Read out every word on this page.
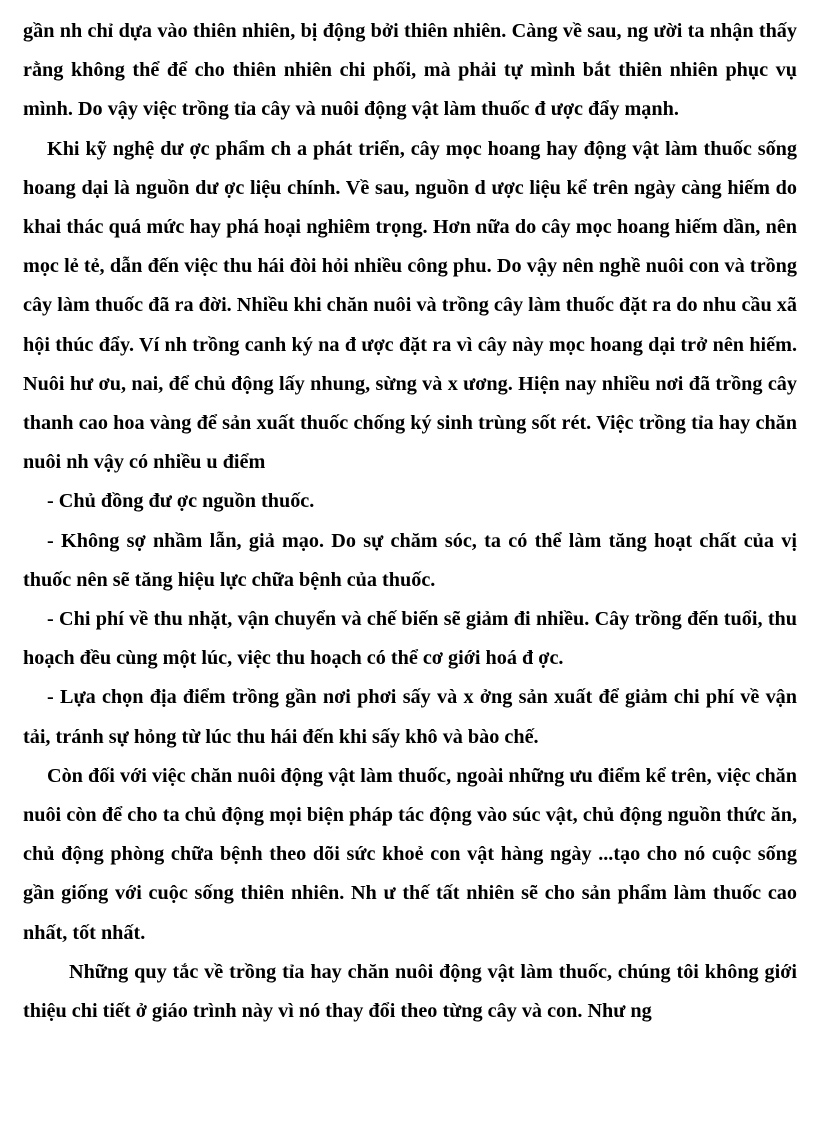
gần nh chỉ dựa vào thiên nhiên, bị động bởi thiên nhiên. Càng về sau, ng ười ta nhận thấy rằng không thể để cho thiên nhiên chi phối, mà phải tự mình bắt thiên nhiên phục vụ mình. Do vậy việc trồng tỉa cây và nuôi động vật làm thuốc đ ược đẩy mạnh.

Khi kỹ nghệ dư ợc phẩm ch a phát triển, cây mọc hoang hay động vật làm thuốc sống hoang dại là nguồn dư ợc liệu chính. Về sau, nguồn d ược liệu kể trên ngày càng hiếm do khai thác quá mức hay phá hoại nghiêm trọng. Hơn nữa do cây mọc hoang hiếm dần, nên mọc lẻ tẻ, dẫn đến việc thu hái đòi hỏi nhiều công phu. Do vậy nên nghề nuôi con và trồng cây làm thuốc đã ra đời. Nhiều khi chăn nuôi và trồng cây làm thuốc đặt ra do nhu cầu xã hội thúc đẩy. Ví nh trồng canh ký na đ ược đặt ra vì cây này mọc hoang dại trở nên hiếm. Nuôi hư ơu, nai, để chủ động lấy nhung, sừng và x ương. Hiện nay nhiều nơi đã trồng cây thanh cao hoa vàng để sản xuất thuốc chống ký sinh trùng sốt rét. Việc trồng tỉa hay chăn nuôi nh vậy có nhiều u điểm

- Chủ đồng đư ợc nguồn thuốc.

- Không sợ nhầm lẫn, giả mạo. Do sự chăm sóc, ta có thể làm tăng hoạt chất của vị thuốc nên sẽ tăng hiệu lực chữa bệnh của thuốc.

- Chi phí về thu nhặt, vận chuyển và chế biến sẽ giảm đi nhiều. Cây trồng đến tuổi, thu hoạch đều cùng một lúc, việc thu hoạch có thể cơ giới hoá đ ợc.

- Lựa chọn địa điểm trồng gần nơi phơi sấy và x ởng sản xuất để giảm chi phí về vận tải, tránh sự hỏng từ lúc thu hái đến khi sấy khô và bào chế.

Còn đối với việc chăn nuôi động vật làm thuốc, ngoài những ưu điểm kể trên, việc chăn nuôi còn để cho ta chủ động mọi biện pháp tác động vào súc vật, chủ động nguồn thức ăn, chủ động phòng chữa bệnh theo dõi sức khoẻ con vật hàng ngày ...tạo cho nó cuộc sống gần giống với cuộc sống thiên nhiên. Nh ư thế tất nhiên sẽ cho sản phẩm làm thuốc cao nhất, tốt nhất.

Những quy tắc về trồng tỉa hay chăn nuôi động vật làm thuốc, chúng tôi không giới thiệu chi tiết ở giáo trình này vì nó thay đổi theo từng cây và con. Như ng
